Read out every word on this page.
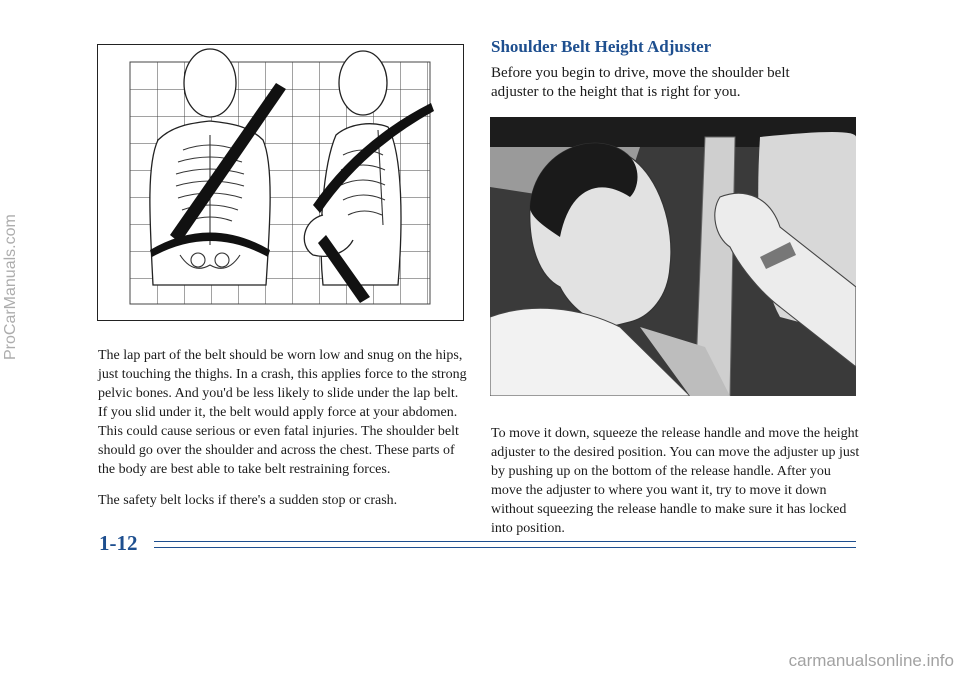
Shoulder Belt Height Adjuster

Before you begin to drive, move the shoulder belt adjuster to the height that is right for you.

The lap part of the belt should be worn low and snug on the hips, just touching the thighs. In a crash, this applies force to the strong pelvic bones. And you'd be less likely to slide under the lap belt. If you slid under it, the belt would apply force at your abdomen. This could cause serious or even fatal injuries. The shoulder belt should go over the shoulder and across the chest. These parts of the body are best able to take belt restraining forces.

The safety belt locks if there's a sudden stop or crash.

To move it down, squeeze the release handle and move the height adjuster to the desired position. You can move the adjuster up just by pushing up on the bottom of the release handle. After you move the adjuster to where you want it, try to move it down without squeezing the release handle to make sure it has locked into position.

1-12
ProCarManuals.com
carmanualsonline.info
